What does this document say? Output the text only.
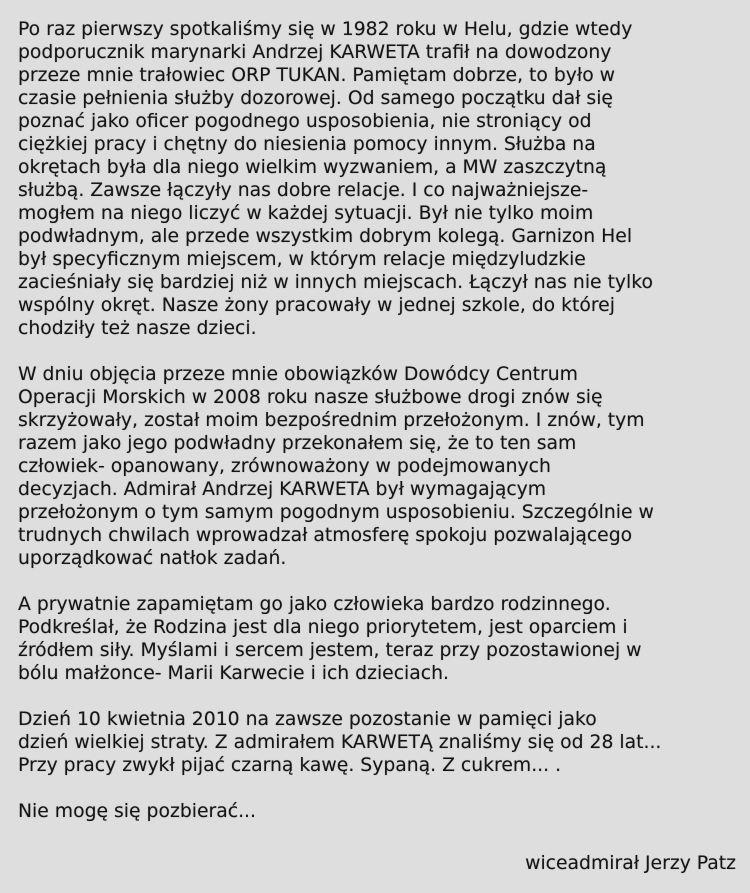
Po raz pierwszy spotkaliśmy się w 1982 roku w Helu, gdzie wtedy
podporucznik marynarki Andrzej KARWETA trafił na dowodzony
przeze mnie trałowiec ORP TUKAN. Pamiętam dobrze, to było w
czasie pełnienia służby dozorowej. Od samego początku dał się
poznać jako oficer pogodnego usposobienia, nie stroniący od
ciężkiej pracy i chętny do niesienia pomocy innym. Służba na
okrętach była dla niego wielkim wyzwaniem, a MW zaszczytną
służbą. Zawsze łączyły nas dobre relacje. I co najważniejsze-
mogłem na niego liczyć w każdej sytuacji. Był nie tylko moim
podwładnym, ale przede wszystkim dobrym kolegą. Garnizon Hel
był specyficznym miejscem, w którym relacje międzyludzkie
zacieśniały się bardziej niż w innych miejscach. Łączył nas nie tylko
wspólny okręt. Nasze żony pracowały w jednej szkole, do której
chodziły też nasze dzieci.

W dniu objęcia przeze mnie obowiązków Dowódcy Centrum
Operacji Morskich w 2008 roku nasze służbowe drogi znów się
skrzyżowały, został moim bezpośrednim przełożonym. I znów, tym
razem jako jego podwładny przekonałem się, że to ten sam
człowiek- opanowany, zrównoważony w podejmowanych
decyzjach. Admirał Andrzej KARWETA był wymagającym
przełożonym o tym samym pogodnym usposobieniu. Szczególnie w
trudnych chwilach wprowadzał atmosferę spokoju pozwalającego
uporządkować natłok zadań.

A prywatnie zapamiętam go jako człowieka bardzo rodzinnego.
Podkreślał, że Rodzina jest dla niego priorytetem, jest oparciem i
źródłem siły. Myślami i sercem jestem, teraz przy pozostawionej w
bólu małżonce- Marii Karwecie i ich dzieciach.

Dzień 10 kwietnia 2010 na zawsze pozostanie w pamięci jako
dzień wielkiej straty. Z admirałem KARWETĄ znaliśmy się od 28 lat...
Przy pracy zwykł pijać czarną kawę. Sypaną. Z cukrem... .

Nie mogę się pozbierać...

wiceadmirał Jerzy Patz
